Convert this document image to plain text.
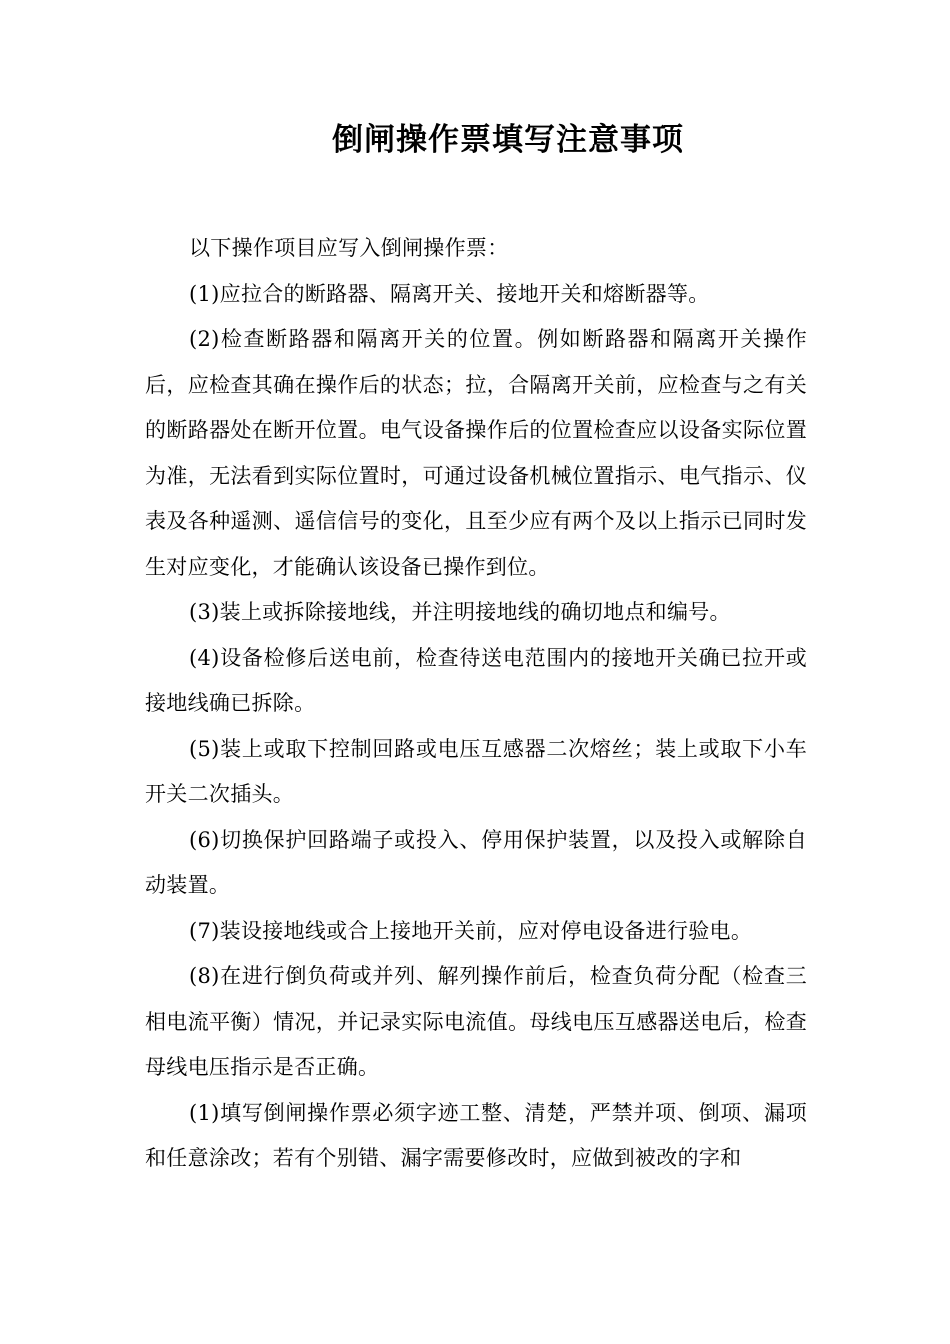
倒闸操作票填写注意事项

以下操作项目应写入倒闸操作票：

(1)应拉合的断路器、隔离开关、接地开关和熔断器等。

(2)检查断路器和隔离开关的位置。例如断路器和隔离开关操作后，应检查其确在操作后的状态；拉，合隔离开关前，应检查与之有关的断路器处在断开位置。电气设备操作后的位置检查应以设备实际位置为准，无法看到实际位置时，可通过设备机械位置指示、电气指示、仪表及各种遥测、遥信信号的变化，且至少应有两个及以上指示已同时发生对应变化，才能确认该设备已操作到位。

(3)装上或拆除接地线，并注明接地线的确切地点和编号。

(4)设备检修后送电前，检查待送电范围内的接地开关确已拉开或接地线确已拆除。

(5)装上或取下控制回路或电压互感器二次熔丝；装上或取下小车开关二次插头。

(6)切换保护回路端子或投入、停用保护装置，以及投入或解除自动装置。

(7)装设接地线或合上接地开关前，应对停电设备进行验电。

(8)在进行倒负荷或并列、解列操作前后，检查负荷分配（检查三相电流平衡）情况，并记录实际电流值。母线电压互感器送电后，检查母线电压指示是否正确。

(1)填写倒闸操作票必须字迹工整、清楚，严禁并项、倒项、漏项和任意涂改；若有个别错、漏字需要修改时，应做到被改的字和
